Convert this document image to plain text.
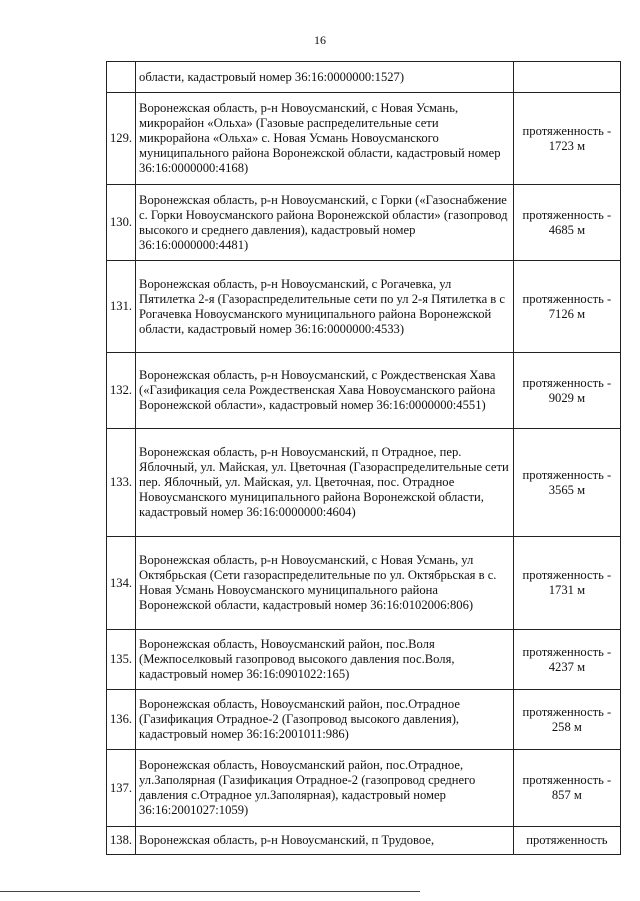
16
	области, кадастровый номер 36:16:0000000:1527)	
129.	Воронежская область, р-н Новоусманский, с Новая Усмань, микрорайон «Ольха» (Газовые распределительные сети микрорайона «Ольха» с. Новая Усмань Новоусманского муниципального района Воронежской области, кадастровый номер 36:16:0000000:4168)	протяженность - 1723 м
130.	Воронежская область, р-н Новоусманский, с Горки («Газоснабжение с. Горки Новоусманского района Воронежской области» (газопровод высокого и среднего давления), кадастровый номер 36:16:0000000:4481)	протяженность - 4685 м
131.	Воронежская область, р-н Новоусманский, с Рогачевка, ул Пятилетка 2-я (Газораспределительные сети по ул 2-я Пятилетка в с Рогачевка Новоусманского муниципального района Воронежской области, кадастровый номер 36:16:0000000:4533)	протяженность - 7126 м
132.	Воронежская область, р-н Новоусманский, с Рождественская Хава («Газификация села Рождественская Хава Новоусманского района Воронежской области», кадастровый номер 36:16:0000000:4551)	протяженность - 9029 м
133.	Воронежская область, р-н Новоусманский, п Отрадное, пер. Яблочный, ул. Майская, ул. Цветочная (Газораспределительные сети пер. Яблочный, ул. Майская, ул. Цветочная, пос. Отрадное Новоусманского муниципального района Воронежской области, кадастровый номер 36:16:0000000:4604)	протяженность - 3565 м
134.	Воронежская область, р-н Новоусманский, с Новая Усмань, ул Октябрьская (Сети газораспределительные по ул. Октябрьская в с. Новая Усмань Новоусманского муниципального района Воронежской области, кадастровый номер 36:16:0102006:806)	протяженность - 1731 м
135.	Воронежская область, Новоусманский район, пос.Воля (Межпоселковый газопровод высокого давления пос.Воля, кадастровый номер 36:16:0901022:165)	протяженность - 4237 м
136.	Воронежская область, Новоусманский район, пос.Отрадное (Газификация Отрадное-2 (Газопровод высокого давления), кадастровый номер 36:16:2001011:986)	протяженность - 258 м
137.	Воронежская область, Новоусманский район, пос.Отрадное, ул.Заполярная (Газификация Отрадное-2 (газопровод среднего давления с.Отрадное ул.Заполярная), кадастровый номер 36:16:2001027:1059)	протяженность - 857 м
138.	Воронежская область, р-н Новоусманский, п Трудовое,	протяженность
